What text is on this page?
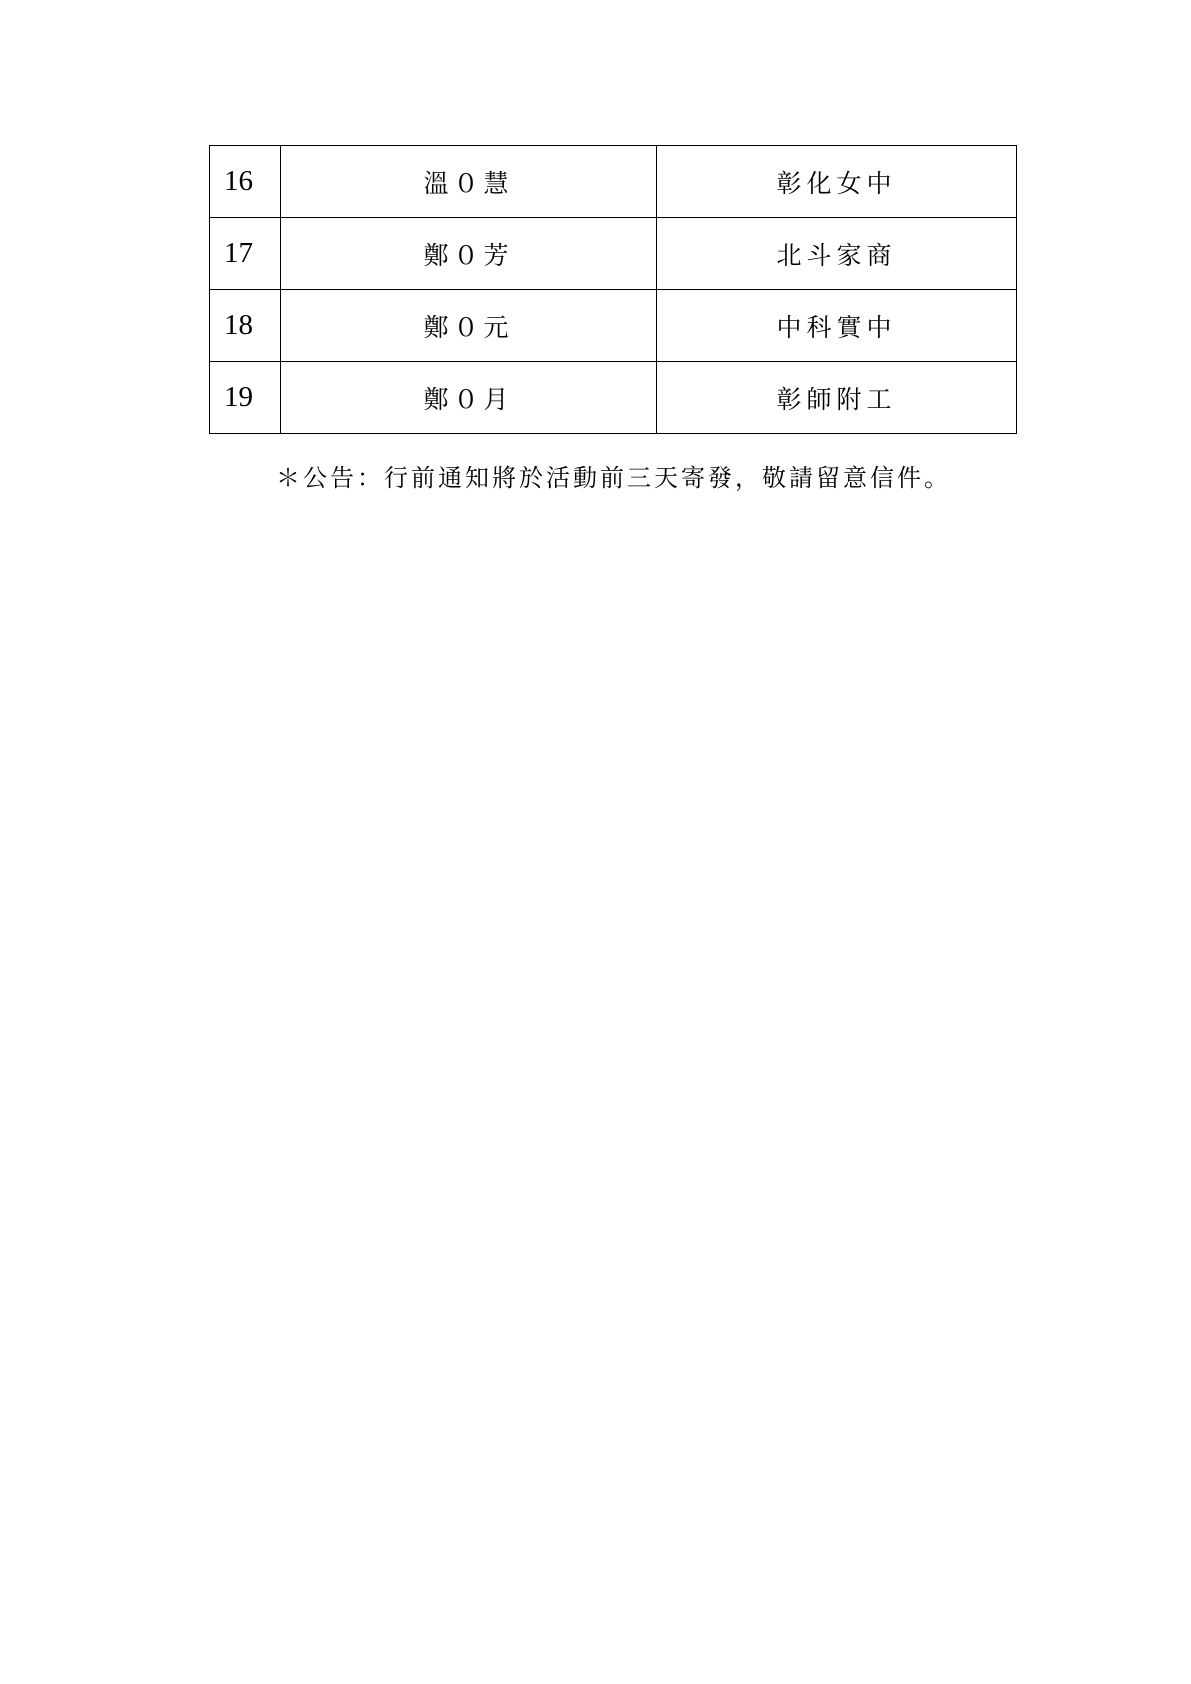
16	溫０慧	彰化女中
17	鄭０芳	北斗家商
18	鄭０元	中科實中
19	鄭０月	彰師附工
＊公告：行前通知將於活動前三天寄發，敬請留意信件。
